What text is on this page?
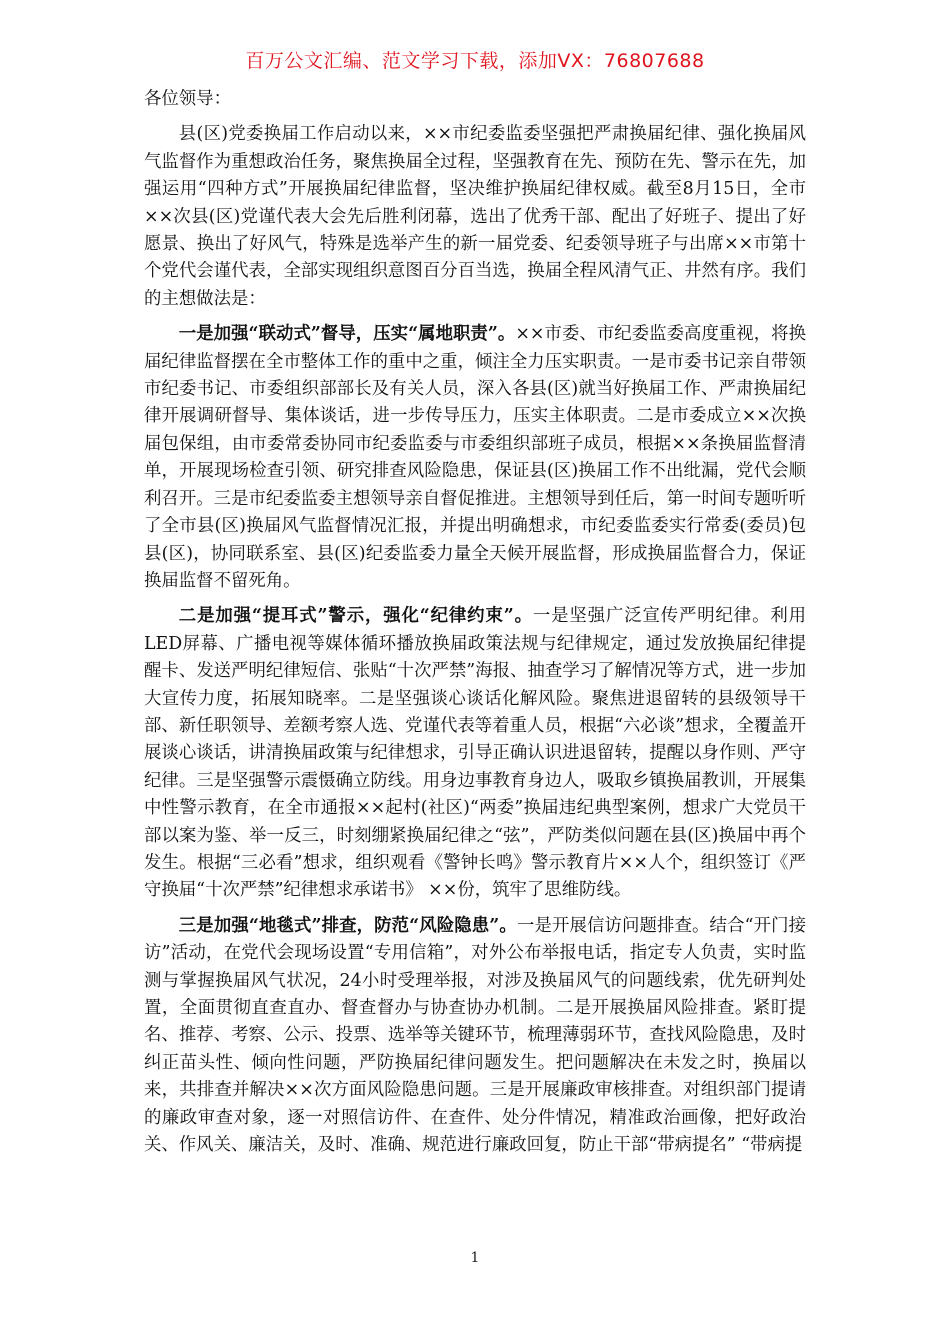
百万公文汇编、范文学习下载，添加VX：76807688

各位领导：

县(区)党委换届工作启动以来，××市纪委监委坚强把严肃换届纪律、强化换届风气监督作为重想政治任务，聚焦换届全过程，坚强教育在先、预防在先、警示在先，加强运用“四种方式”开展换届纪律监督，坚决维护换届纪律权威。截至8月15日，全市××次县(区)党谨代表大会先后胜利闭幕，选出了优秀干部、配出了好班子、提出了好愿景、换出了好风气，特殊是选举产生的新一届党委、纪委领导班子与出席××市第十个党代会谨代表，全部实现组织意图百分百当选，换届全程风清气正、井然有序。我们的主想做法是：

一是加强“联动式”督导，压实“属地职责”。××市委、市纪委监委高度重视，将换届纪律监督摆在全市整体工作的重中之重，倾注全力压实职责。一是市委书记亲自带领市纪委书记、市委组织部部长及有关人员，深入各县(区)就当好换届工作、严肃换届纪律开展调研督导、集体谈话，进一步传导压力，压实主体职责。二是市委成立××次换届包保组，由市委常委协同市纪委监委与市委组织部班子成员，根据××条换届监督清单，开展现场检查引领、研究排查风险隐患，保证县(区)换届工作不出纰漏，党代会顺利召开。三是市纪委监委主想领导亲自督促推进。主想领导到任后，第一时间专题听听了全市县(区)换届风气监督情况汇报，并提出明确想求，市纪委监委实行常委(委员)包县(区)，协同联系室、县(区)纪委监委力量全天候开展监督，形成换届监督合力，保证换届监督不留死角。

二是加强“提耳式”警示，强化“纪律约束”。一是坚强广泛宣传严明纪律。利用LED屏幕、广播电视等媒体循环播放换届政策法规与纪律规定，通过发放换届纪律提醒卡、发送严明纪律短信、张贴“十次严禁”海报、抽查学习了解情况等方式，进一步加大宣传力度，拓展知晓率。二是坚强谈心谈话化解风险。聚焦进退留转的县级领导干部、新任职领导、差额考察人选、党谨代表等着重人员，根据“六必谈”想求，全覆盖开展谈心谈话，讲清换届政策与纪律想求，引导正确认识进退留转，提醒以身作则、严守纪律。三是坚强警示震慑确立防线。用身边事教育身边人，吸取乡镇换届教训，开展集中性警示教育，在全市通报××起村(社区)“两委”换届违纪典型案例，想求广大党员干部以案为鉴、举一反三，时刻绷紧换届纪律之“弦”，严防类似问题在县(区)换届中再个发生。根据“三必看”想求，组织观看《警钟长鸣》警示教育片××人个，组织签订《严守换届“十次严禁”纪律想求承诺书》 ××份，筑牢了思维防线。

三是加强“地毯式”排查，防范“风险隐患”。一是开展信访问题排查。结合“开门接访”活动，在党代会现场设置“专用信箱”，对外公布举报电话，指定专人负责，实时监测与掌握换届风气状况，24小时受理举报，对涉及换届风气的问题线索，优先研判处置，全面贯彻直查直办、督查督办与协查协办机制。二是开展换届风险排查。紧盯提名、推荐、考察、公示、投票、选举等关键环节，梳理薄弱环节，查找风险隐患，及时纠正苗头性、倾向性问题，严防换届纪律问题发生。把问题解决在未发之时，换届以来，共排查并解决××次方面风险隐患问题。三是开展廉政审核排查。对组织部门提请的廉政审查对象，逐一对照信访件、在查件、处分件情况，精准政治画像，把好政治关、作风关、廉洁关，及时、准确、规范进行廉政回复，防止干部“带病提名” “带病提

1
